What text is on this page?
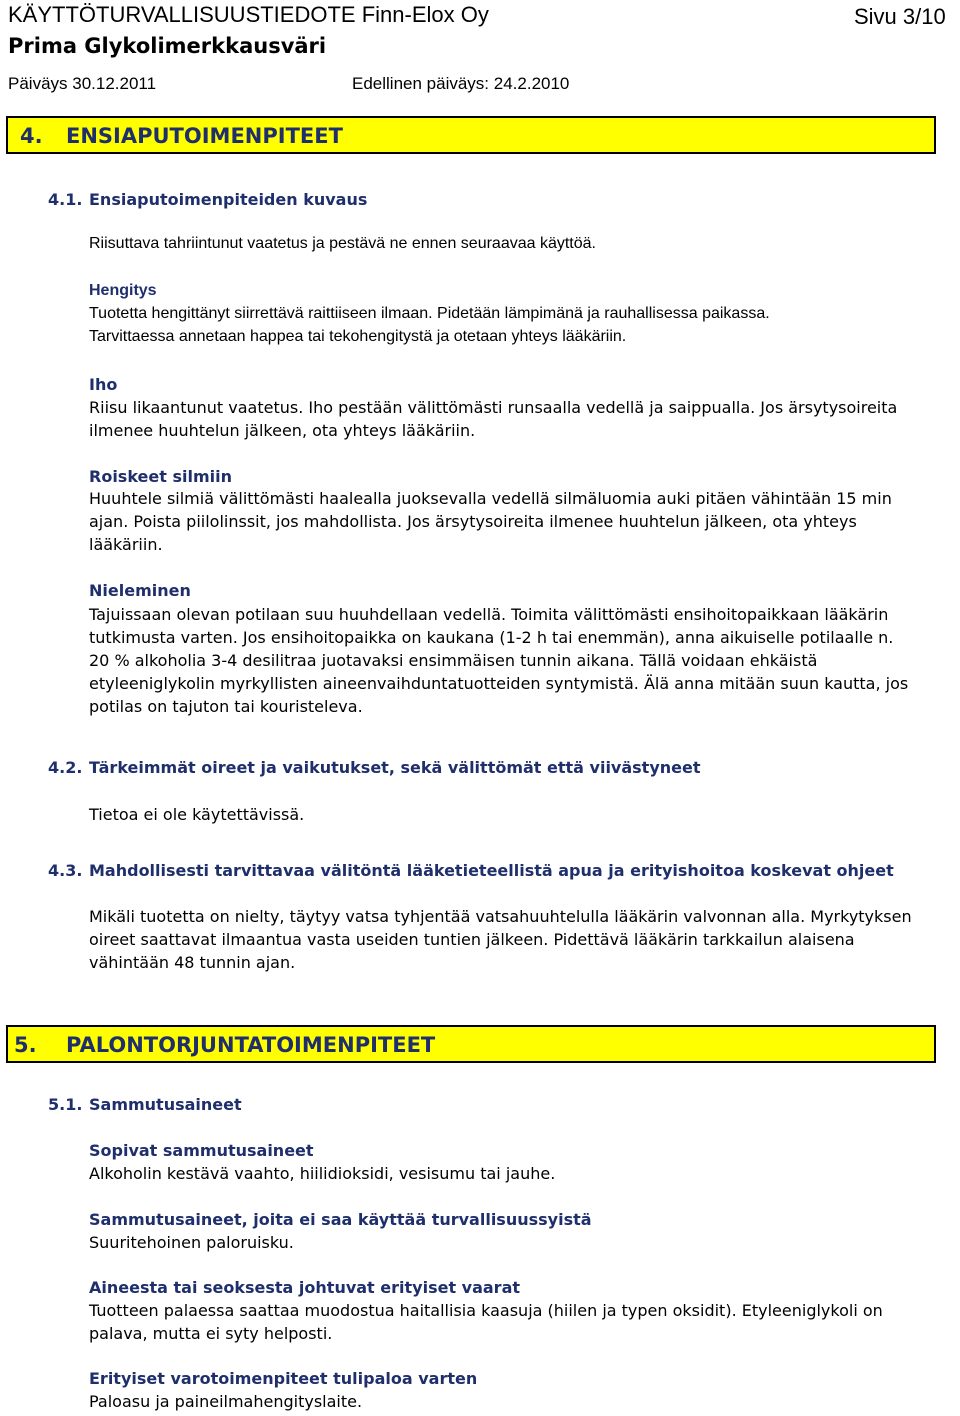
KÄYTTÖTURVALLISUUSTIEDOTE Finn-Elox Oy	Sivu 3/10
Prima Glykolimerkkausväri
Päiväys 30.12.2011	Edellinen päiväys: 24.2.2010
4. ENSIAPUTOIMENPITEET
4.1. Ensiaputoimenpiteiden kuvaus
Riisuttava tahriintunut vaatetus ja pestävä ne ennen seuraavaa käyttöä.
Hengitys
Tuotetta hengittänyt siirrettävä raittiiseen ilmaan. Pidetään lämpimänä ja rauhallisessa paikassa.
Tarvittaessa annetaan happea tai tekohengitystä ja otetaan yhteys lääkäriin.
Iho
Riisu likaantunut vaatetus. Iho pestään välittömästi runsaalla vedellä ja saippualla. Jos ärsytysoireita
ilmenee huuhtelun jälkeen, ota yhteys lääkäriin.
Roiskeet silmiin
Huuhtele silmiä välittömästi haalealla juoksevalla vedellä silmäluomia auki pitäen vähintään 15 min
ajan. Poista piilolinssit, jos mahdollista. Jos ärsytysoireita ilmenee huuhtelun jälkeen, ota yhteys
lääkäriin.
Nieleminen
Tajuissaan olevan potilaan suu huuhdellaan vedellä. Toimita välittömästi ensihoitopaikkaan lääkärin
tutkimusta varten. Jos ensihoitopaikka on kaukana (1-2 h tai enemmän), anna aikuiselle potilaalle n.
20 % alkoholia 3-4 desilitraa juotavaksi ensimmäisen tunnin aikana. Tällä voidaan ehkäistä
etyleeniglykolin myrkyllisten aineenvaihduntatuotteiden syntymistä. Älä anna mitään suun kautta, jos
potilas on tajuton tai kouristeleva.
4.2. Tärkeimmät oireet ja vaikutukset, sekä välittömät että viivästyneet
Tietoa ei ole käytettävissä.
4.3. Mahdollisesti tarvittavaa välitöntä lääketieteellistä apua ja erityishoitoa koskevat ohjeet
Mikäli tuotetta on nielty, täytyy vatsa tyhjentää vatsahuuhtelulla lääkärin valvonnan alla. Myrkytyksen
oireet saattavat ilmaantua vasta useiden tuntien jälkeen. Pidettävä lääkärin tarkkailun alaisena
vähintään 48 tunnin ajan.
5. PALONTORJUNTATOIMENPITEET
5.1. Sammutusaineet
Sopivat sammutusaineet
Alkoholin kestävä vaahto, hiilidioksidi, vesisumu tai jauhe.
Sammutusaineet, joita ei saa käyttää turvallisuussyistä
Suuritehoinen paloruisku.
Aineesta tai seoksesta johtuvat erityiset vaarat
Tuotteen palaessa saattaa muodostua haitallisia kaasuja (hiilen ja typen oksidit). Etyleeniglykoli on
palava, mutta ei syty helposti.
Erityiset varotoimenpiteet tulipaloa varten
Paloasu ja paineilmahengityslaite.
